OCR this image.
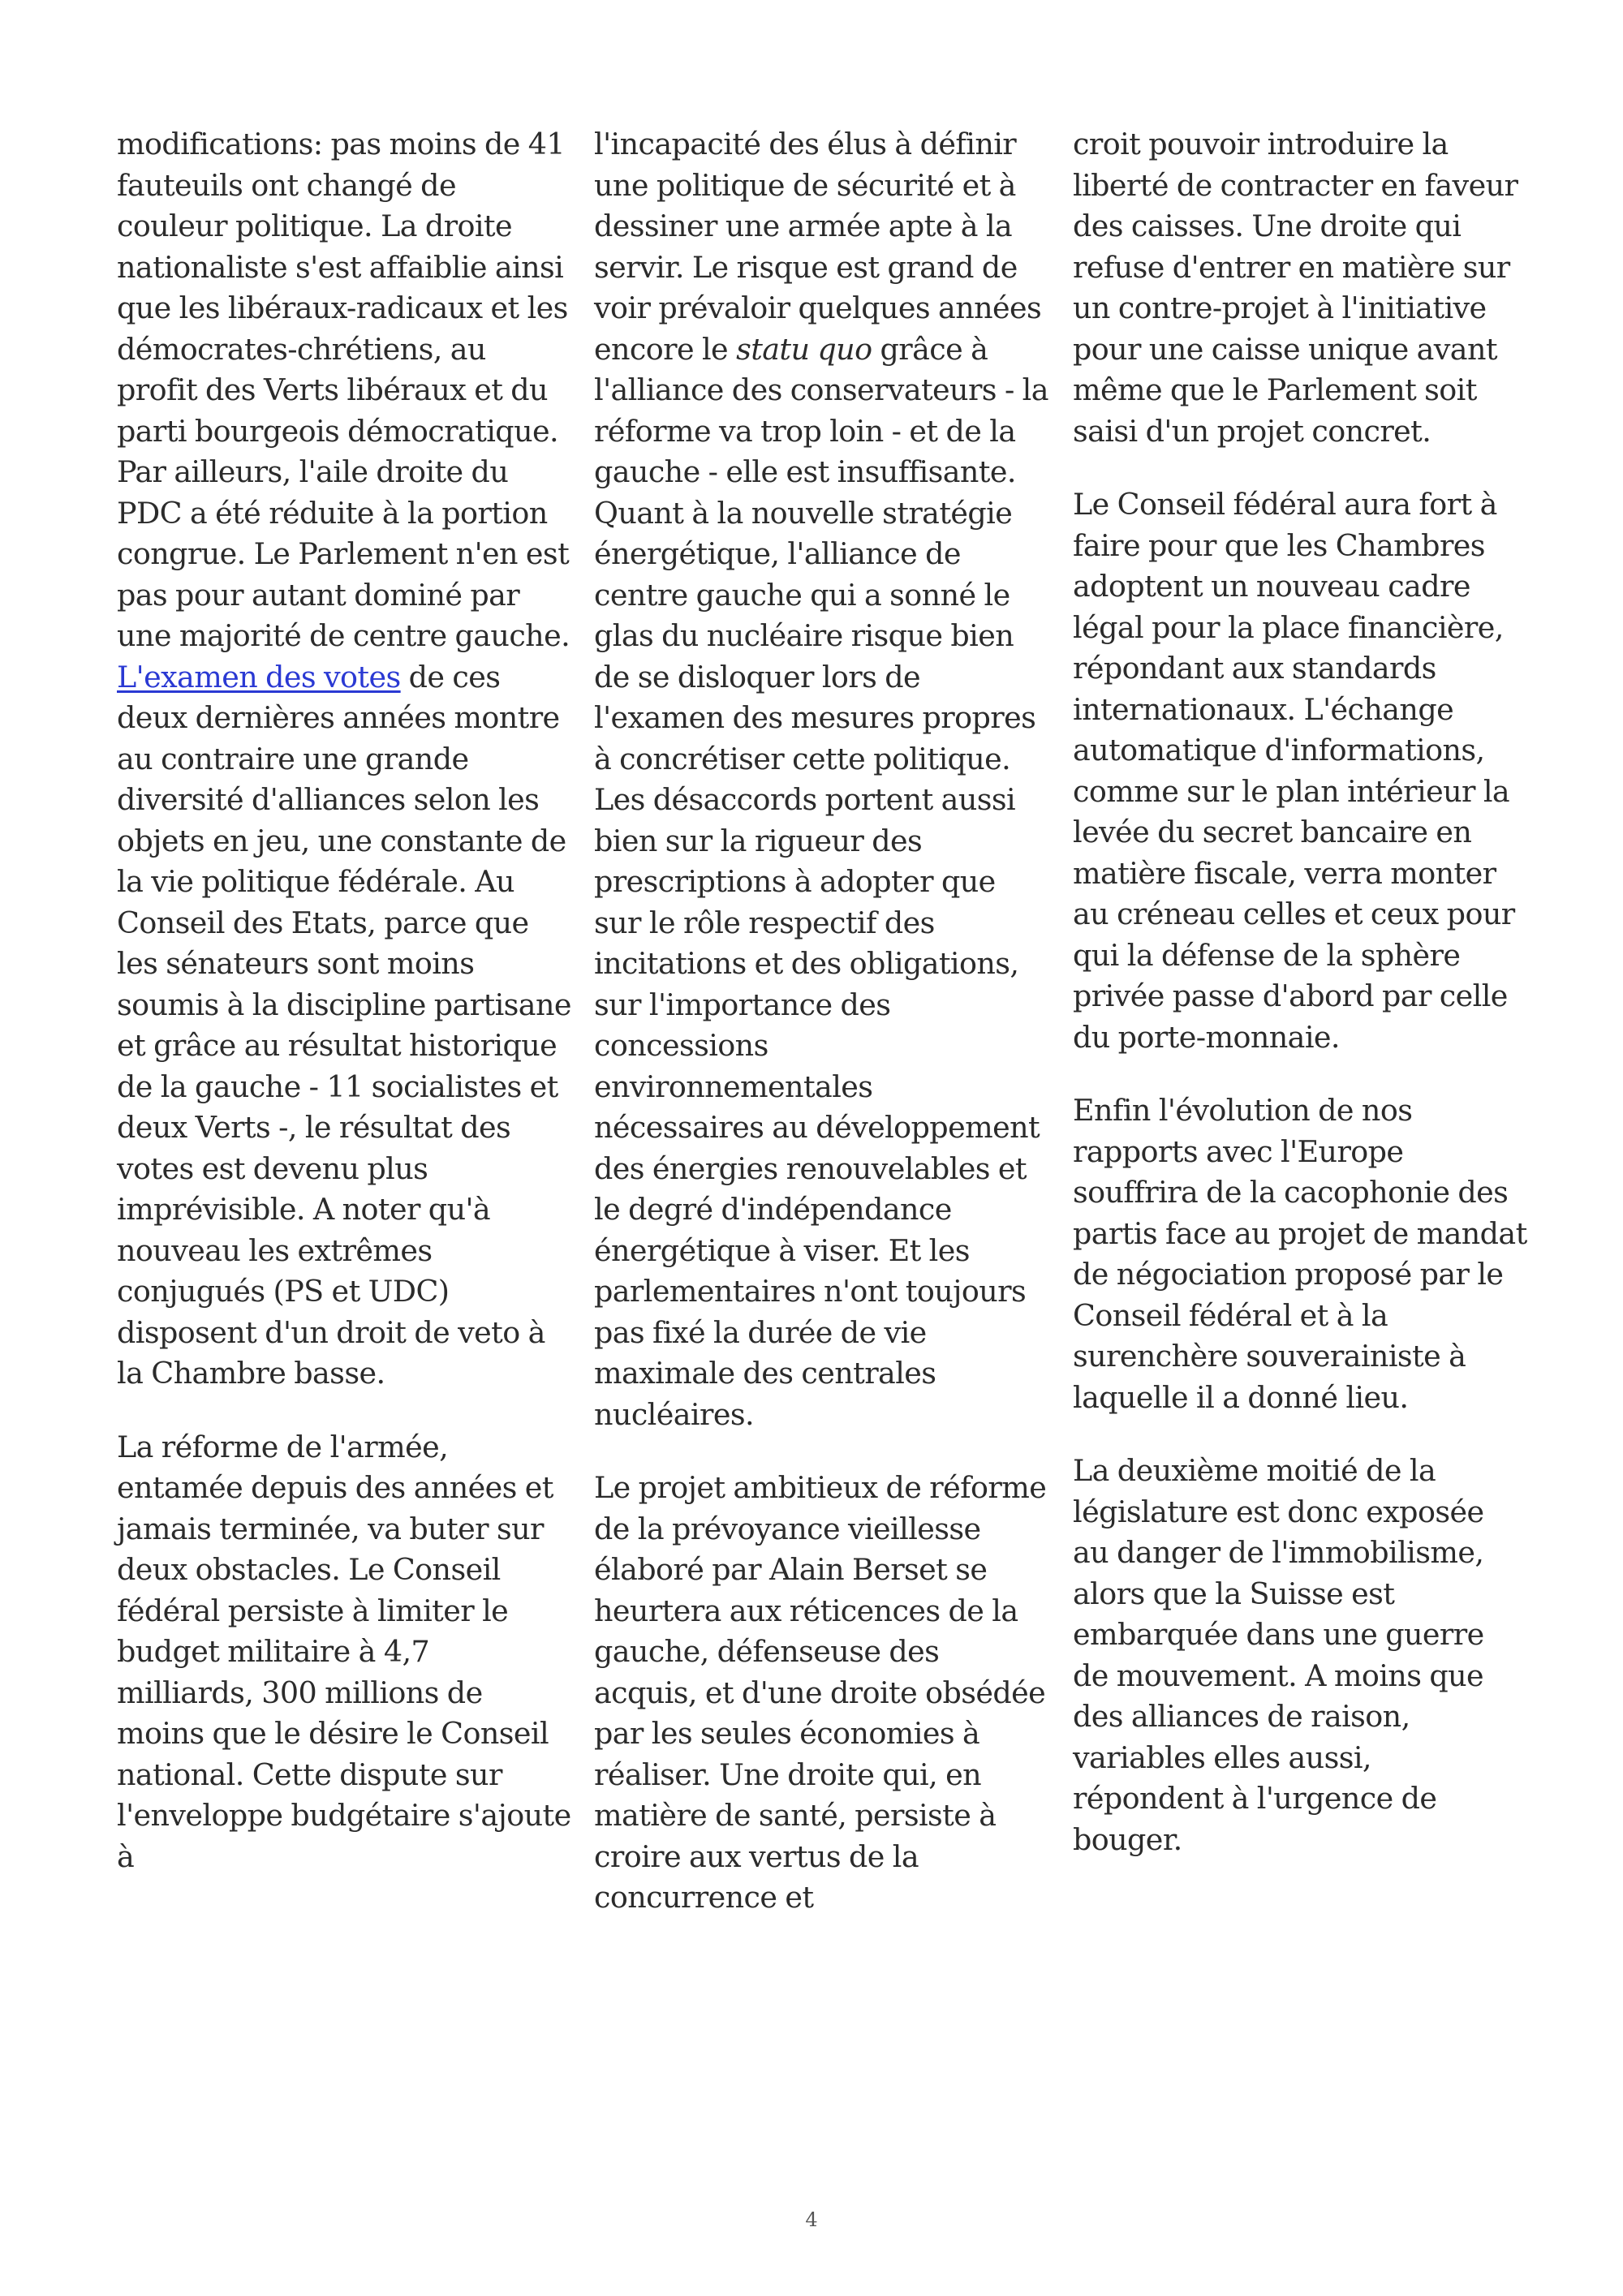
modifications: pas moins de 41 fauteuils ont changé de couleur politique. La droite nationaliste s'est affaiblie ainsi que les libéraux-radicaux et les démocrates-chrétiens, au profit des Verts libéraux et du parti bourgeois démocratique. Par ailleurs, l'aile droite du PDC a été réduite à la portion congrue. Le Parlement n'en est pas pour autant dominé par une majorité de centre gauche. L'examen des votes de ces deux dernières années montre au contraire une grande diversité d'alliances selon les objets en jeu, une constante de la vie politique fédérale. Au Conseil des Etats, parce que les sénateurs sont moins soumis à la discipline partisane et grâce au résultat historique de la gauche - 11 socialistes et deux Verts -, le résultat des votes est devenu plus imprévisible. A noter qu'à nouveau les extrêmes conjugués (PS et UDC) disposent d'un droit de veto à la Chambre basse.

La réforme de l'armée, entamée depuis des années et jamais terminée, va buter sur deux obstacles. Le Conseil fédéral persiste à limiter le budget militaire à 4,7 milliards, 300 millions de moins que le désire le Conseil national. Cette dispute sur l'enveloppe budgétaire s'ajoute à

l'incapacité des élus à définir une politique de sécurité et à dessiner une armée apte à la servir. Le risque est grand de voir prévaloir quelques années encore le statu quo grâce à l'alliance des conservateurs - la réforme va trop loin - et de la gauche - elle est insuffisante. Quant à la nouvelle stratégie énergétique, l'alliance de centre gauche qui a sonné le glas du nucléaire risque bien de se disloquer lors de l'examen des mesures propres à concrétiser cette politique. Les désaccords portent aussi bien sur la rigueur des prescriptions à adopter que sur le rôle respectif des incitations et des obligations, sur l'importance des concessions environnementales nécessaires au développement des énergies renouvelables et le degré d'indépendance énergétique à viser. Et les parlementaires n'ont toujours pas fixé la durée de vie maximale des centrales nucléaires.

Le projet ambitieux de réforme de la prévoyance vieillesse élaboré par Alain Berset se heurtera aux réticences de la gauche, défenseuse des acquis, et d'une droite obsédée par les seules économies à réaliser. Une droite qui, en matière de santé, persiste à croire aux vertus de la concurrence et

croit pouvoir introduire la liberté de contracter en faveur des caisses. Une droite qui refuse d'entrer en matière sur un contre-projet à l'initiative pour une caisse unique avant même que le Parlement soit saisi d'un projet concret.

Le Conseil fédéral aura fort à faire pour que les Chambres adoptent un nouveau cadre légal pour la place financière, répondant aux standards internationaux. L'échange automatique d'informations, comme sur le plan intérieur la levée du secret bancaire en matière fiscale, verra monter au créneau celles et ceux pour qui la défense de la sphère privée passe d'abord par celle du porte-monnaie.

Enfin l'évolution de nos rapports avec l'Europe souffrira de la cacophonie des partis face au projet de mandat de négociation proposé par le Conseil fédéral et à la surenchère souverainiste à laquelle il a donné lieu.

La deuxième moitié de la législature est donc exposée au danger de l'immobilisme, alors que la Suisse est embarquée dans une guerre de mouvement. A moins que des alliances de raison, variables elles aussi, répondent à l'urgence de bouger.

4
